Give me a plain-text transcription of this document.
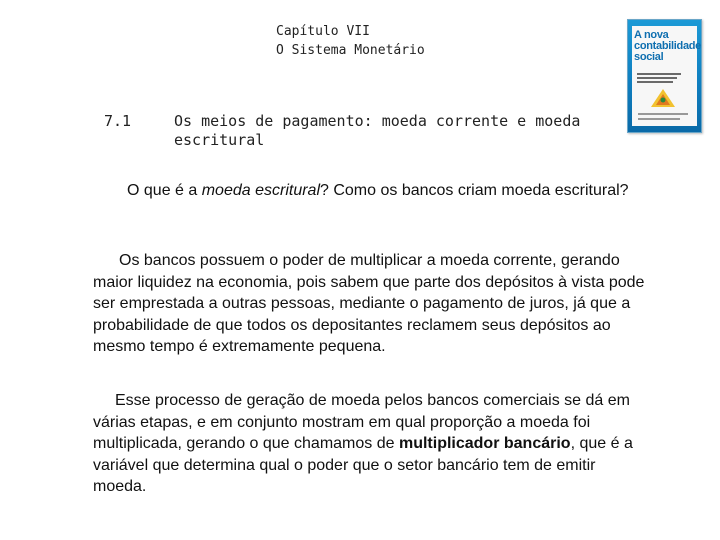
Capítulo VII
O Sistema Monetário
7.1	Os meios de pagamento: moeda corrente e moeda escritural

O que é a moeda escritural? Como os bancos criam moeda escritural?

Os bancos possuem o poder de multiplicar a moeda corrente, gerando maior liquidez na economia, pois sabem que parte dos depósitos à vista pode ser emprestada a outras pessoas, mediante o pagamento de juros, já que a probabilidade de que todos os depositantes reclamem seus depósitos ao mesmo tempo é extremamente pequena.

Esse processo de geração de moeda pelos bancos comerciais se dá em várias etapas, e em conjunto mostram em qual proporção a moeda foi multiplicada, gerando o que chamamos de multiplicador bancário, que é a variável que determina qual o poder que o setor bancário tem de emitir moeda.

A nova
contabilidade
social
